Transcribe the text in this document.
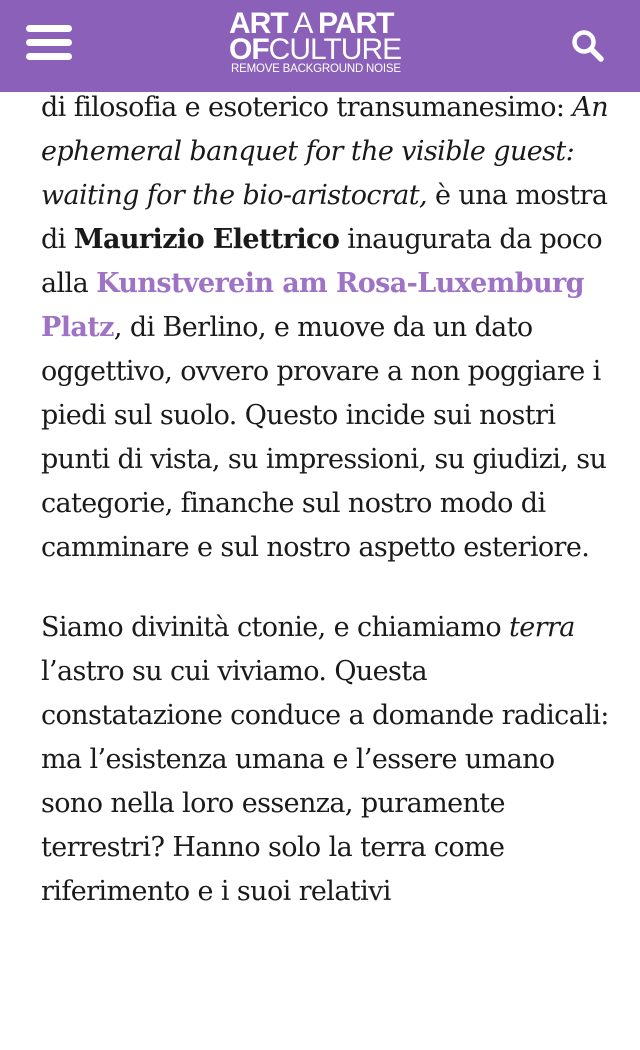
di filosofia e esoterico transumanesimo: An ephemeral banquet for the visible guest: waiting for the bio-aristocrat, è una mostra di Maurizio Elettrico inaugurata da poco alla Kunstverein am Rosa-Luxemburg Platz, di Berlino, e muove da un dato oggettivo, ovvero provare a non poggiare i piedi sul suolo. Questo incide sui nostri punti di vista, su impressioni, su giudizi, su categorie, finanche sul nostro modo di camminare e sul nostro aspetto esteriore.

Siamo divinità ctonie, e chiamiamo terra l’astro su cui viviamo. Questa constatazione conduce a domande radicali: ma l’esistenza umana e l’essere umano sono nella loro essenza, puramente terrestri? Hanno solo la terra come riferimento e i suoi relativi

ART A PART
OFCULTURE
REMOVE BACKGROUND NOISE
